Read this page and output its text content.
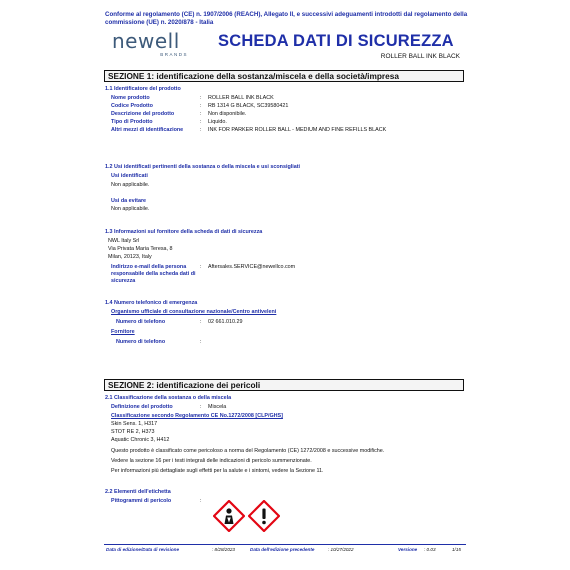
Conforme al regolamento (CE) n. 1907/2006 (REACH), Allegato II, e successivi adeguamenti introdotti dal regolamento della commissione (UE) n. 2020/878 - Italia
newell
BRANDS
SCHEDA DATI DI SICUREZZA
ROLLER BALL INK BLACK
SEZIONE 1: identificazione della sostanza/miscela e della società/impresa
1.1 Identificatore del prodotto
Nome prodotto	: ROLLER BALL INK BLACK
Codice Prodotto	: RB 1314 G BLACK, SC39580421
Descrizione del prodotto	: Non disponibile.
Tipo di Prodotto	: Liquido.
Altri mezzi di identificazione	: INK FOR PARKER ROLLER BALL - MEDIUM AND FINE REFILLS BLACK
1.2 Usi identificati pertinenti della sostanza o della miscela e usi sconsigliati
Usi identificati
Non applicabile.
Usi da evitare
Non applicabile.
1.3 Informazioni sul fornitore della scheda di dati di sicurezza
NWL Italy Srl
Via Privata Maria Teresa, 8
Milan, 20123, Italy
Indirizzo e-mail della persona responsabile della scheda dati di sicurezza
: Aftersales.SERVICE@newellco.com
1.4 Numero telefonico di emergenza
Organismo ufficiale di consultazione nazionale/Centro antiveleni
Numero di telefono	: 02 661.010.29
Fornitore
Numero di telefono	:
SEZIONE 2: identificazione dei pericoli
2.1 Classificazione della sostanza o della miscela
Definizione del prodotto	: Miscela
Classificazione secondo Regolamento CE No.1272/2008 [CLP/GHS]
Skin Sens. 1, H317
STOT RE 2, H373
Aquatic Chronic 3, H412
Questo prodotto è classificato come pericoloso a norma del Regolamento (CE) 1272/2008 e successive modifiche.
Vedere la sezione 16 per i testi integrali delle indicazioni di pericolo summenzionate.
Per informazioni più dettagliate sugli effetti per la salute e i sintomi, vedere la Sezione 11.
2.2 Elementi dell'etichetta
Pittogrammi di pericolo	:
Data di edizione/Data di revisione	: 8/28/2023	Data dell'edizione precedente	: 10/27/2022	Versione : 0.03	1/15
